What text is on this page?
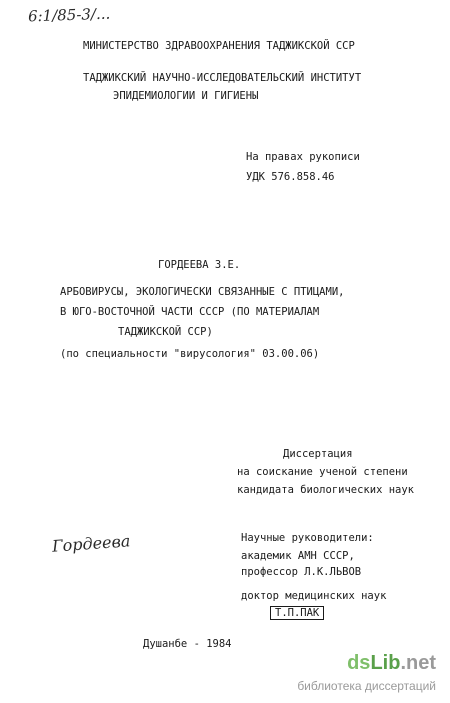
6:1/85-3/...
МИНИСТЕРСТВО ЗДРАВООХРАНЕНИЯ ТАДЖИКСКОЙ ССР
ТАДЖИКСКИЙ НАУЧНО-ИССЛЕДОВАТЕЛЬСКИЙ ИНСТИТУТ
ЭПИДЕМИОЛОГИИ И ГИГИЕНЫ
На правах рукописи
УДК 576.858.46
ГОРДЕЕВА З.Е.
АРБОВИРУСЫ, ЭКОЛОГИЧЕСКИ СВЯЗАННЫЕ С ПТИЦАМИ,
В ЮГО-ВОСТОЧНОЙ ЧАСТИ СССР (ПО МАТЕРИАЛАМ
ТАДЖИКСКОЙ ССР)
(по специальности "вирусология" 03.00.06)
Диссертация
на соискание ученой степени
кандидата биологических наук
Гордеева	Научные руководители:
академик АМН СССР,
профессор Л.К.ЛЬВОВ
доктор медицинских наук
Т.П.ПАК
Душанбе - 1984
dsLib.net
библиотека диссертаций
